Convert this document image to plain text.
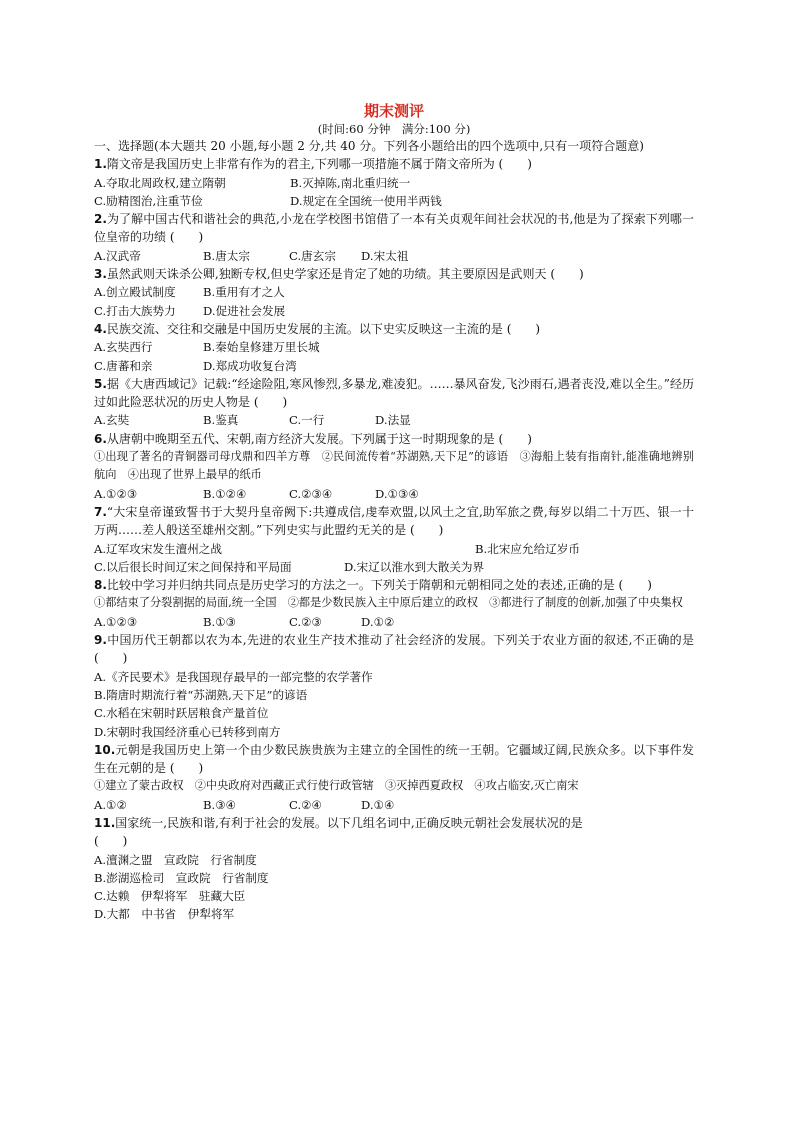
期末测评
(时间:60 分钟　满分:100 分)

一、选择题(本大题共 20 小题,每小题 2 分,共 40 分。下列各小题给出的四个选项中,只有一项符合题意)

1.隋文帝是我国历史上非常有作为的君主,下列哪一项措施不属于隋文帝所为 (　　)

A.夺取北周政权,建立隋朝	B.灭掉陈,南北重归统一
C.励精图治,注重节俭	D.规定在全国统一使用半两钱

2.为了解中国古代和谐社会的典范,小龙在学校图书馆借了一本有关贞观年间社会状况的书,他是为了探索下列哪一位皇帝的功绩 (　　)

A.汉武帝	B.唐太宗	C.唐玄宗	D.宋太祖

3.虽然武则天诛杀公卿,独断专权,但史学家还是肯定了她的功绩。其主要原因是武则天 (　　)

A.创立殿试制度	B.重用有才之人
C.打击大族势力	D.促进社会发展

4.民族交流、交往和交融是中国历史发展的主流。以下史实反映这一主流的是 (　　)

A.玄奘西行	B.秦始皇修建万里长城
C.唐蕃和亲	D.郑成功收复台湾

5.据《大唐西域记》记载:“经途险阻,寒风惨烈,多暴龙,难凌犯。……暴风奋发,飞沙雨石,遇者丧没,难以全生。”经历过如此险恶状况的历史人物是 (　　)

A.玄奘	B.鉴真	C.一行	D.法显

6.从唐朝中晚期至五代、宋朝,南方经济大发展。下列属于这一时期现象的是 (　　)

①出现了著名的青铜器司母戊鼎和四羊方尊　②民间流传着“苏湖熟,天下足”的谚语　③海船上装有指南针,能准确地辨别航向　④出现了世界上最早的纸币

A.①②③	B.①②④	C.②③④	D.①③④

7.“大宋皇帝谨致誓书于大契丹皇帝阙下:共遵成信,虔奉欢盟,以风土之宜,助军旅之费,每岁以绢二十万匹、银一十万两……差人般送至雄州交割。”下列史实与此盟约无关的是 (　　)

A.辽军攻宋发生澶州之战	B.北宋应允给辽岁币
C.以后很长时间辽宋之间保持和平局面	D.宋辽以淮水到大散关为界

8.比较中学习并归纳共同点是历史学习的方法之一。下列关于隋朝和元朝相同之处的表述,正确的是 (　　)

①都结束了分裂割据的局面,统一全国　②都是少数民族入主中原后建立的政权　③都进行了制度的创新,加强了中央集权

A.①②③	B.①③	C.②③	D.①②

9.中国历代王朝都以农为本,先进的农业生产技术推动了社会经济的发展。下列关于农业方面的叙述,不正确的是 (　　)

A.《齐民要术》是我国现存最早的一部完整的农学著作
B.隋唐时期流行着“苏湖熟,天下足”的谚语
C.水稻在宋朝时跃居粮食产量首位
D.宋朝时我国经济重心已转移到南方

10.元朝是我国历史上第一个由少数民族贵族为主建立的全国性的统一王朝。它疆域辽阔,民族众多。以下事件发生在元朝的是 (　　)

①建立了蒙古政权　②中央政府对西藏正式行使行政管辖　③灭掉西夏政权　④攻占临安,灭亡南宋

A.①②	B.③④	C.②④	D.①④

11.国家统一,民族和谐,有利于社会的发展。以下几组名词中,正确反映元朝社会发展状况的是

(　　)

A.澶渊之盟　宣政院　行省制度
B.澎湖巡检司　宣政院　行省制度
C.达赖　伊犁将军　驻藏大臣
D.大都　中书省　伊犁将军
